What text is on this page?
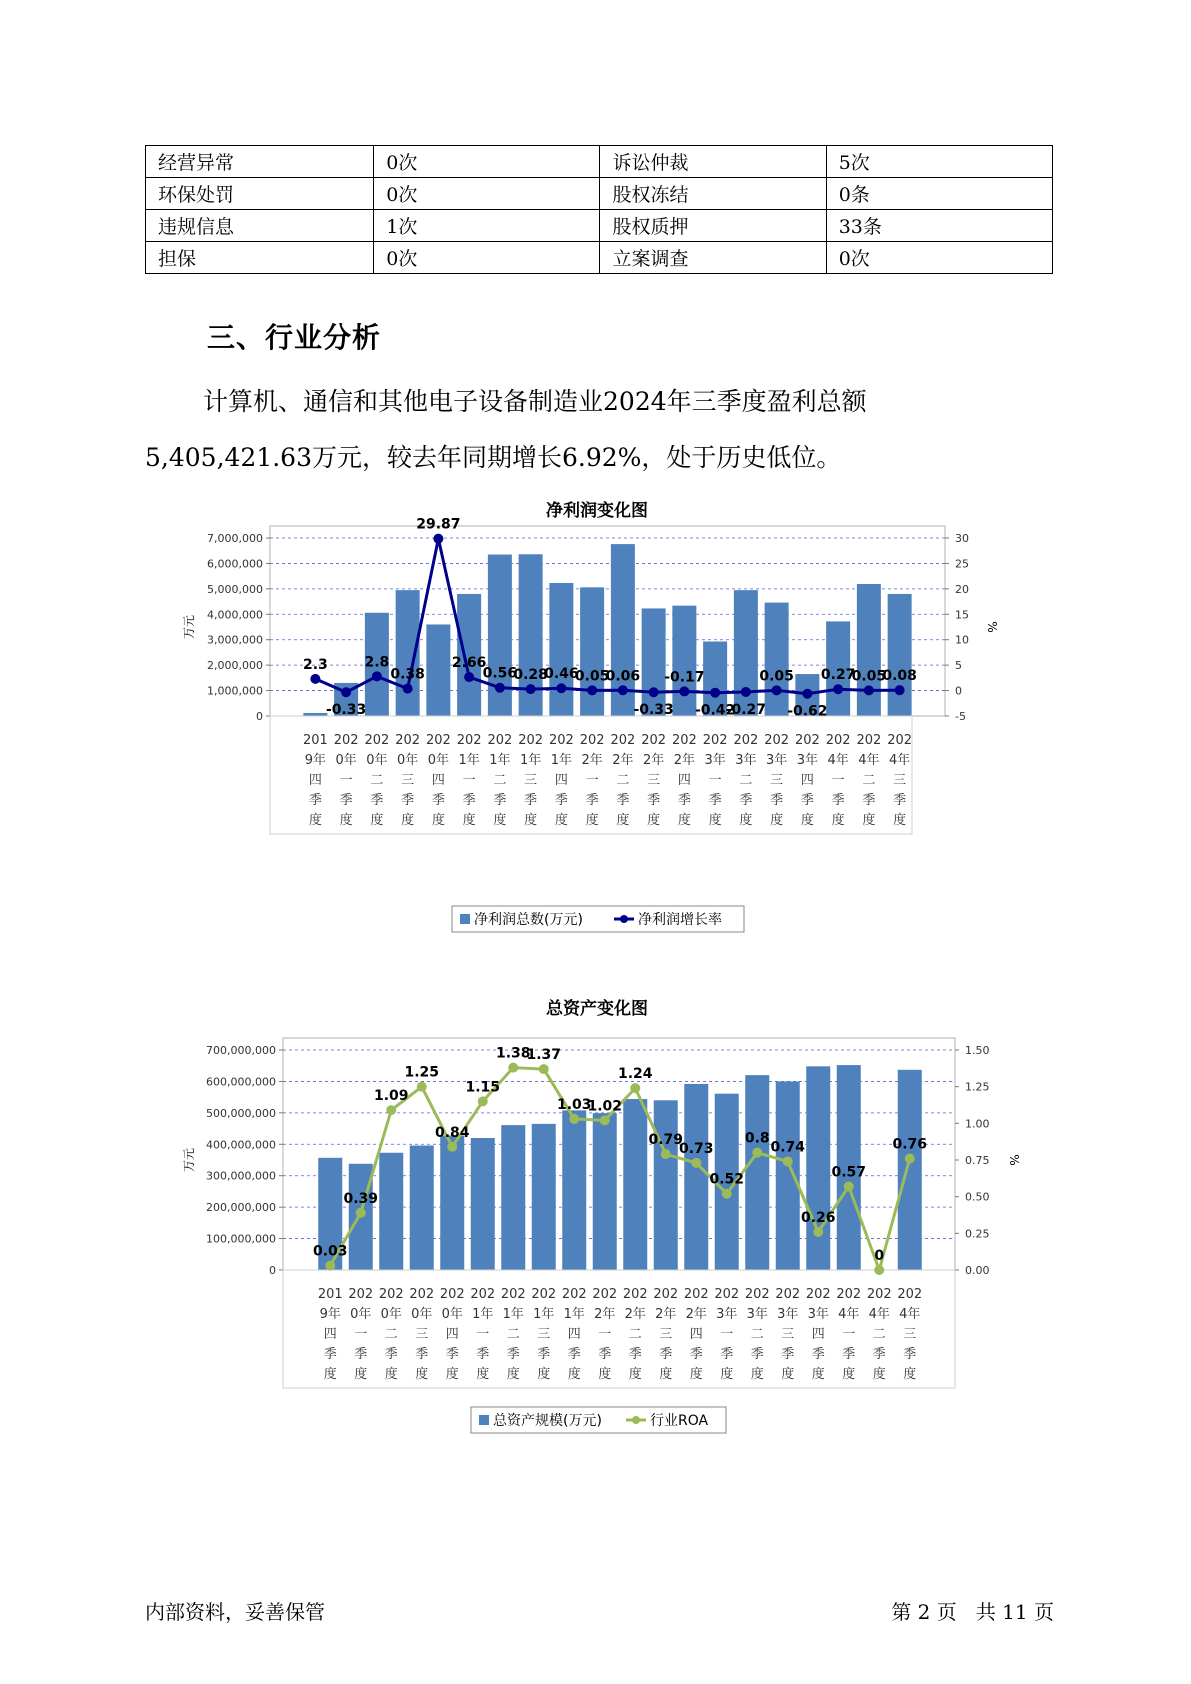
经营异常	0次	诉讼仲裁	5次
环保处罚	0次	股权冻结	0条
违规信息	1次	股权质押	33条
担保	0次	立案调查	0次
三、行业分析
计算机、通信和其他电子设备制造业2024年三季度盈利总额
5,405,421.63万元，较去年同期增长6.92%，处于历史低位。
净利润变化图
0
1,000,000
2,000,000
3,000,000
4,000,000
5,000,000
6,000,000
7,000,000
-5
0
5
10
15
20
25
30
万元	%
201 9年四季度
202 0年一季度
202 0年二季度
202 0年三季度
202 0年四季度
202 1年一季度
202 1年二季度
202 1年三季度
202 1年四季度
202 2年一季度
202 2年二季度
202 2年三季度
202 2年四季度
202 3年一季度
202 3年二季度
202 3年三季度
202 3年四季度
202 4年一季度
202 4年二季度
202 4年三季度
2.3
-0.33
2.8
0.38
29.87
2.66
0.56
0.28
0.46
0.05
0.06
-0.33
-0.17
-0.42
-0.27
0.05
-0.62
0.27
0.05
0.08
净利润总数(万元)	净利润增长率
总资产变化图
0
100,000,000
200,000,000
300,000,000
400,000,000
500,000,000
600,000,000
700,000,000
0.00
0.25
0.50
0.75
1.00
1.25
1.50
万元	%
201 9年四季度
202 0年一季度
202 0年二季度
202 0年三季度
202 0年四季度
202 1年一季度
202 1年二季度
202 1年三季度
202 1年四季度
202 2年一季度
202 2年二季度
202 2年三季度
202 2年四季度
202 3年一季度
202 3年二季度
202 3年三季度
202 3年四季度
202 4年一季度
202 4年二季度
202 4年三季度
0.03
0.39
1.09
1.25
0.84
1.15
1.38
1.37
1.03
1.02
1.24
0.79
0.73
0.52
0.8
0.74
0.26
0.57
0
0.76
总资产规模(万元)	行业ROA
内部资料，妥善保管	第 2 页   共 11 页
